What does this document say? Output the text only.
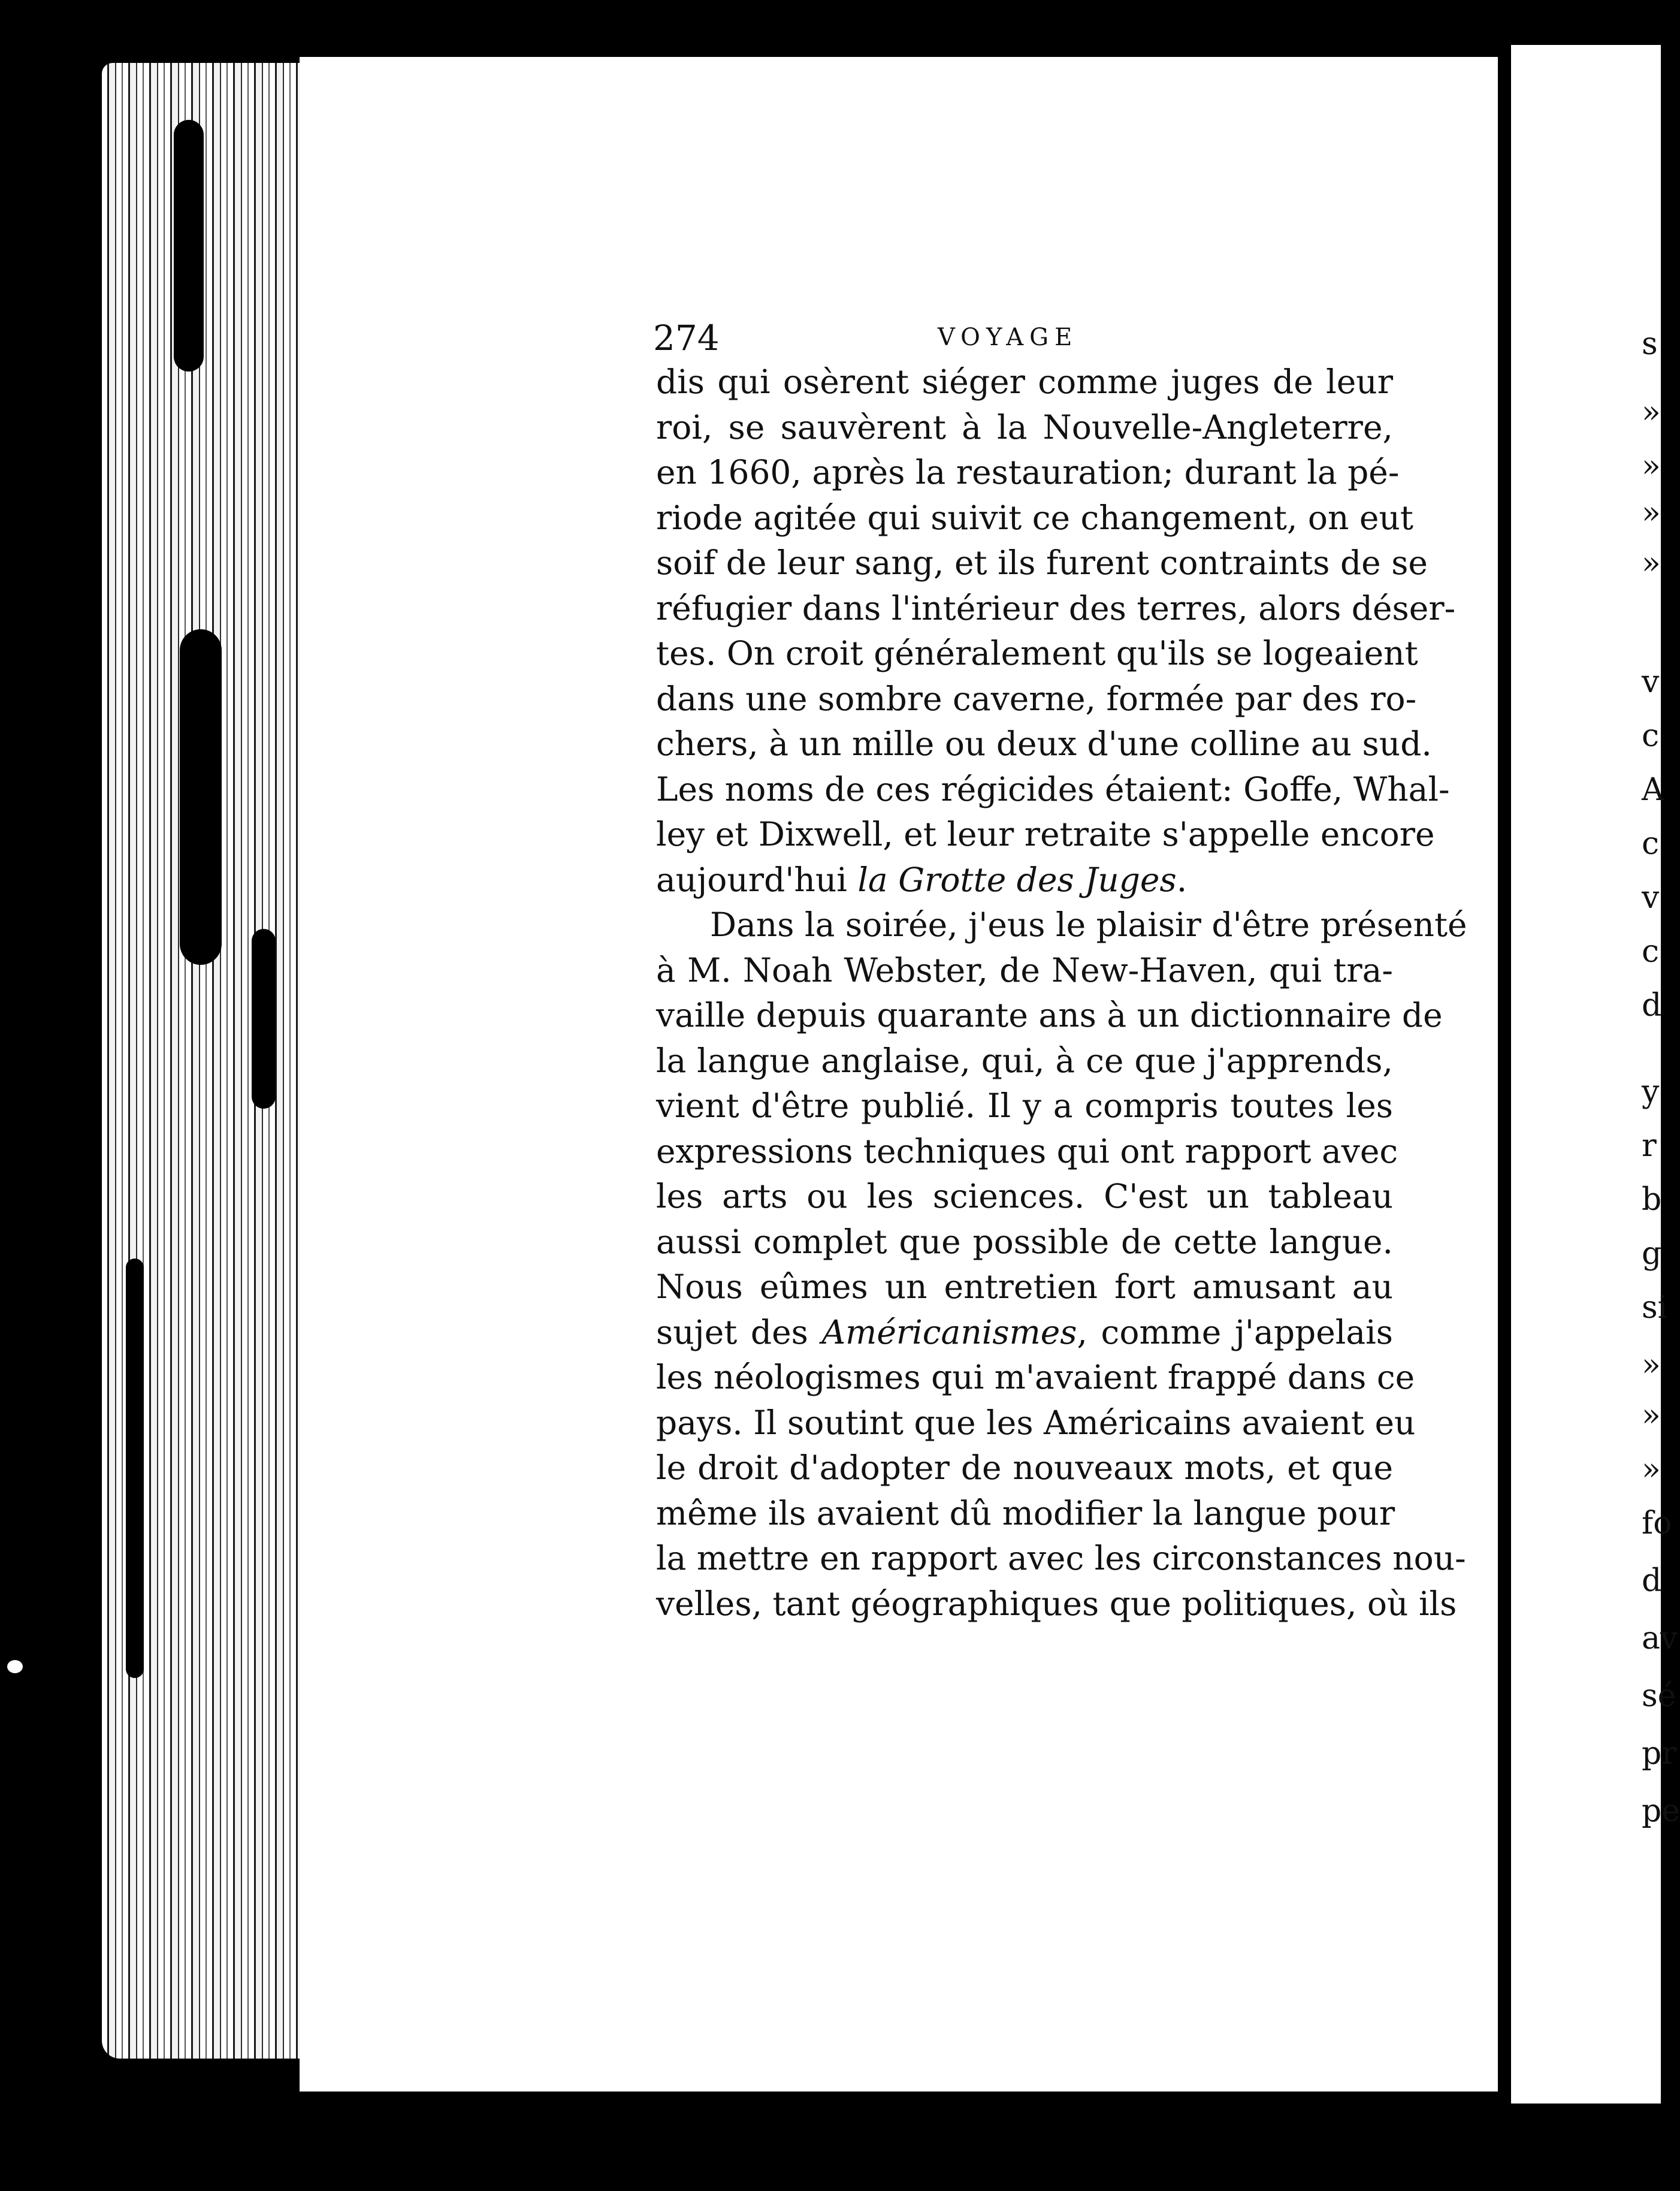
s
»
»
»
»
v
c
A
c
v
c
d
y
r
b
g
si
»
»
»
fo
d
av
sé
pr
pe
274	VOYAGE
dis qui osèrent siéger comme juges de leur
roi, se sauvèrent à la Nouvelle-Angleterre,
en 1660, après la restauration; durant la pé-
riode agitée qui suivit ce changement, on eut
soif de leur sang, et ils furent contraints de se
réfugier dans l'intérieur des terres, alors déser-
tes. On croit généralement qu'ils se logeaient
dans une sombre caverne, formée par des ro-
chers, à un mille ou deux d'une colline au sud.
Les noms de ces régicides étaient: Goffe, Whal-
ley et Dixwell, et leur retraite s'appelle encore
aujourd'hui la Grotte des Juges.
Dans la soirée, j'eus le plaisir d'être présenté
à M. Noah Webster, de New-Haven, qui tra-
vaille depuis quarante ans à un dictionnaire de
la langue anglaise, qui, à ce que j'apprends,
vient d'être publié. Il y a compris toutes les
expressions techniques qui ont rapport avec
les arts ou les sciences. C'est un tableau
aussi complet que possible de cette langue.
Nous eûmes un entretien fort amusant au
sujet des Américanismes, comme j'appelais
les néologismes qui m'avaient frappé dans ce
pays. Il soutint que les Américains avaient eu
le droit d'adopter de nouveaux mots, et que
même ils avaient dû modifier la langue pour
la mettre en rapport avec les circonstances nou-
velles, tant géographiques que politiques, où ils
